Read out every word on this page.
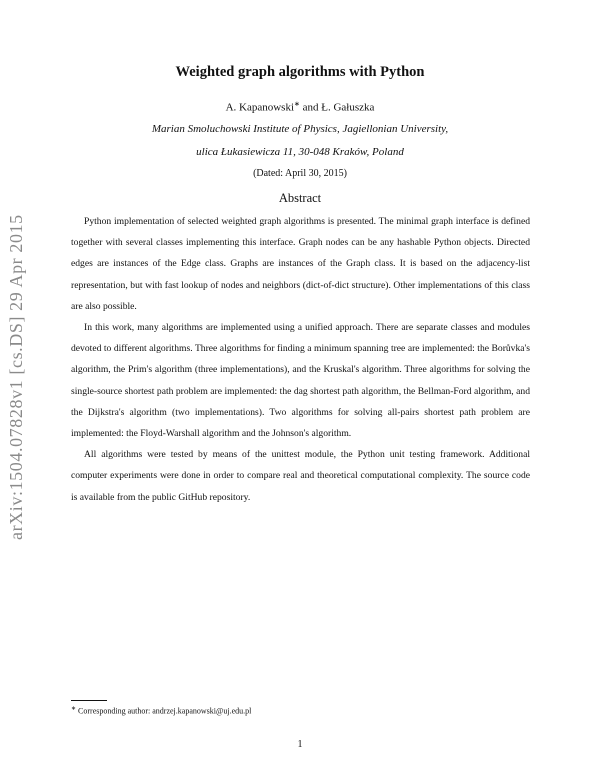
arXiv:1504.07828v1 [cs.DS] 29 Apr 2015
Weighted graph algorithms with Python
A. Kapanowski∗ and Ł. Gałuszka
Marian Smoluchowski Institute of Physics, Jagiellonian University,
ulica Łukasiewicza 11, 30-048 Kraków, Poland
(Dated: April 30, 2015)
Abstract

Python implementation of selected weighted graph algorithms is presented. The minimal graph interface is defined together with several classes implementing this interface. Graph nodes can be any hashable Python objects. Directed edges are instances of the Edge class. Graphs are instances of the Graph class. It is based on the adjacency-list representation, but with fast lookup of nodes and neighbors (dict-of-dict structure). Other implementations of this class are also possible.

In this work, many algorithms are implemented using a unified approach. There are separate classes and modules devoted to different algorithms. Three algorithms for finding a minimum spanning tree are implemented: the Borůvka's algorithm, the Prim's algorithm (three implementations), and the Kruskal's algorithm. Three algorithms for solving the single-source shortest path problem are implemented: the dag shortest path algorithm, the Bellman-Ford algorithm, and the Dijkstra's algorithm (two implementations). Two algorithms for solving all-pairs shortest path problem are implemented: the Floyd-Warshall algorithm and the Johnson's algorithm.

All algorithms were tested by means of the unittest module, the Python unit testing framework. Additional computer experiments were done in order to compare real and theoretical computational complexity. The source code is available from the public GitHub repository.

∗ Corresponding author: andrzej.kapanowski@uj.edu.pl
1
